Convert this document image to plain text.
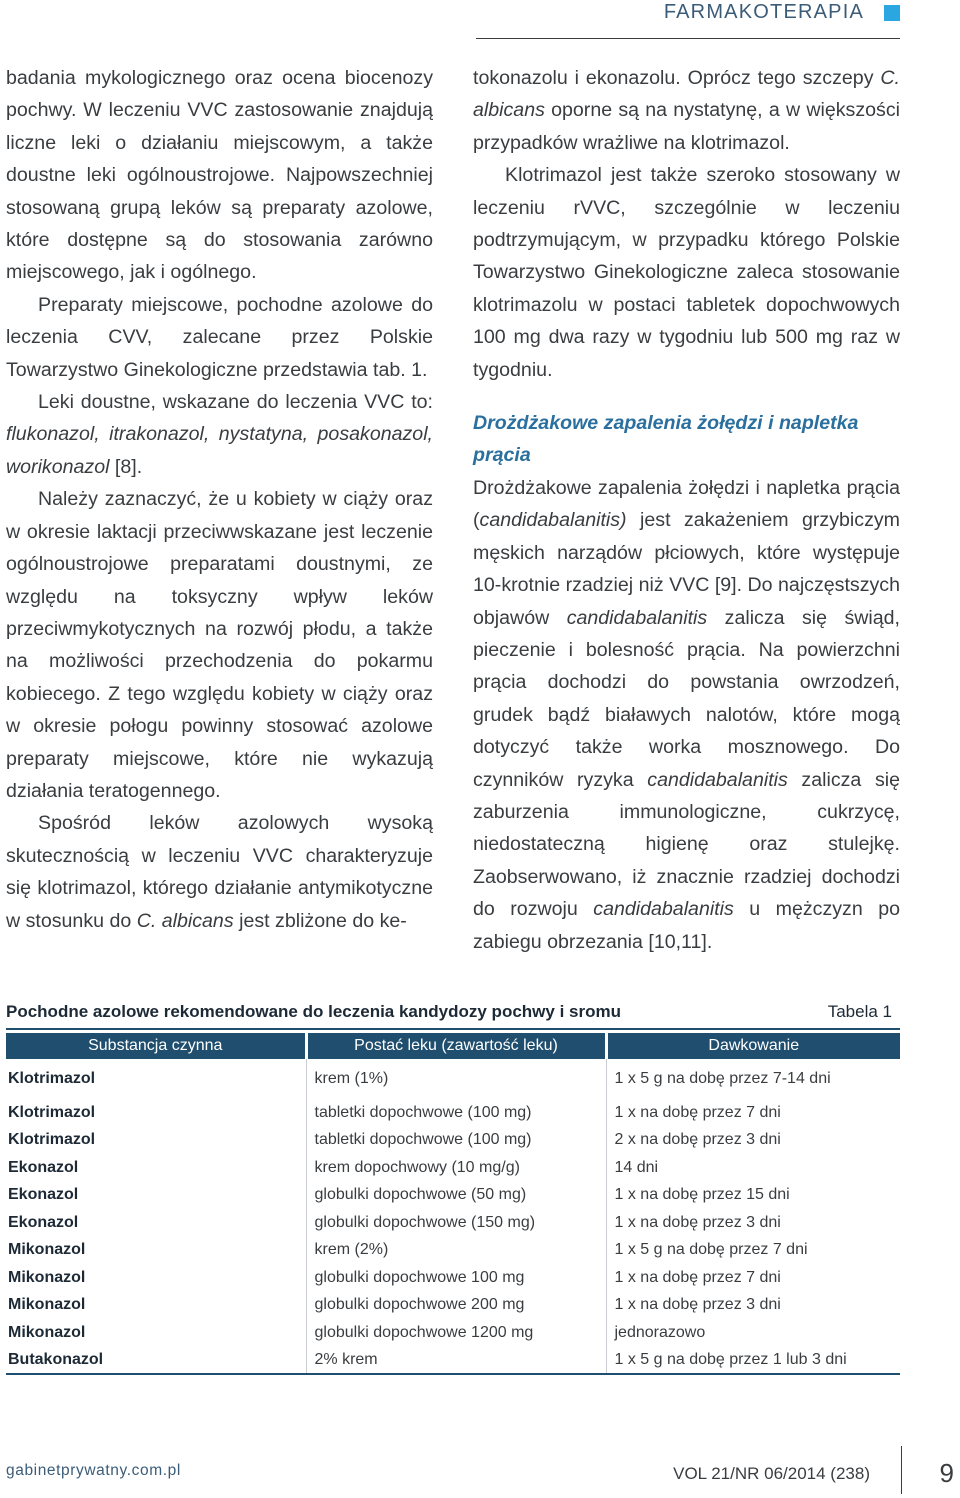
FARMAKOTERAPIA

badania mykologicznego oraz ocena biocenozy pochwy. W leczeniu VVC zastosowanie znajdują liczne leki o działaniu miejscowym, a także doustne leki ogólnoustrojowe. Najpowszechniej stosowaną grupą leków są preparaty azolowe, które dostępne są do stosowania zarówno miejscowego, jak i ogólnego.

Preparaty miejscowe, pochodne azolowe do leczenia CVV, zalecane przez Polskie Towarzystwo Ginekologiczne przedstawia tab. 1.

Leki doustne, wskazane do leczenia VVC to: flukonazol, itrakonazol, nystatyna, posakonazol, worikonazol [8].

Należy zaznaczyć, że u kobiety w ciąży oraz w okresie laktacji przeciwwskazane jest leczenie ogólnoustrojowe preparatami doustnymi, ze względu na toksyczny wpływ leków przeciwmykotycznych na rozwój płodu, a także na możliwości przechodzenia do pokarmu kobiecego. Z tego względu kobiety w ciąży oraz w okresie połogu powinny stosować azolowe preparaty miejscowe, które nie wykazują działania teratogennego.

Spośród leków azolowych wysoką skutecznością w leczeniu VVC charakteryzuje się klotrimazol, którego działanie antymikotyczne w stosunku do C. albicans jest zbliżone do ke-

tokonazolu i ekonazolu. Oprócz tego szczepy C. albicans oporne są na nystatynę, a w większości przypadków wrażliwe na klotrimazol.

Klotrimazol jest także szeroko stosowany w leczeniu rVVC, szczególnie w leczeniu podtrzymującym, w przypadku którego Polskie Towarzystwo Ginekologiczne zaleca stosowanie klotrimazolu w postaci tabletek dopochwowych 100 mg dwa razy w tygodniu lub 500 mg raz w tygodniu.

Drożdżakowe zapalenia żołędzi i napletka prącia

Drożdżakowe zapalenia żołędzi i napletka prącia (candidabalanitis) jest zakażeniem grzybiczym męskich narządów płciowych, które występuje 10-krotnie rzadziej niż VVC [9]. Do najczęstszych objawów candidabalanitis zalicza się świąd, pieczenie i bolesność prącia. Na powierzchni prącia dochodzi do powstania owrzodzeń, grudek bądź białawych nalotów, które mogą dotyczyć także worka mosznowego. Do czynników ryzyka candidabalanitis zalicza się zaburzenia immunologiczne, cukrzycę, niedostateczną higienę oraz stulejkę. Zaobserwowano, iż znacznie rzadziej dochodzi do rozwoju candidabalanitis u mężczyzn po zabiegu obrzezania [10,11].

Pochodne azolowe rekomendowane do leczenia kandydozy pochwy i sromu	Tabela 1
Substancja czynna	Postać leku (zawartość leku)	Dawkowanie
Klotrimazol	krem (1%)	1 x 5 g na dobę przez 7-14 dni
Klotrimazol	tabletki dopochwowe (100 mg)	1 x na dobę przez 7 dni
Klotrimazol	tabletki dopochwowe (100 mg)	2 x na dobę przez 3 dni
Ekonazol	krem dopochwowy (10 mg/g)	14 dni
Ekonazol	globulki dopochwowe (50 mg)	1 x na dobę przez 15 dni
Ekonazol	globulki dopochwowe (150 mg)	1 x na dobę przez 3 dni
Mikonazol	krem (2%)	1 x 5 g na dobę przez 7 dni
Mikonazol	globulki dopochwowe 100 mg	1 x na dobę przez 7 dni
Mikonazol	globulki dopochwowe 200 mg	1 x na dobę przez 3 dni
Mikonazol	globulki dopochwowe 1200 mg	jednorazowo
Butakonazol	2% krem	1 x 5 g na dobę przez 1 lub 3 dni
gabinetprywatny.com.pl	VOL 21/NR 06/2014 (238)	9
